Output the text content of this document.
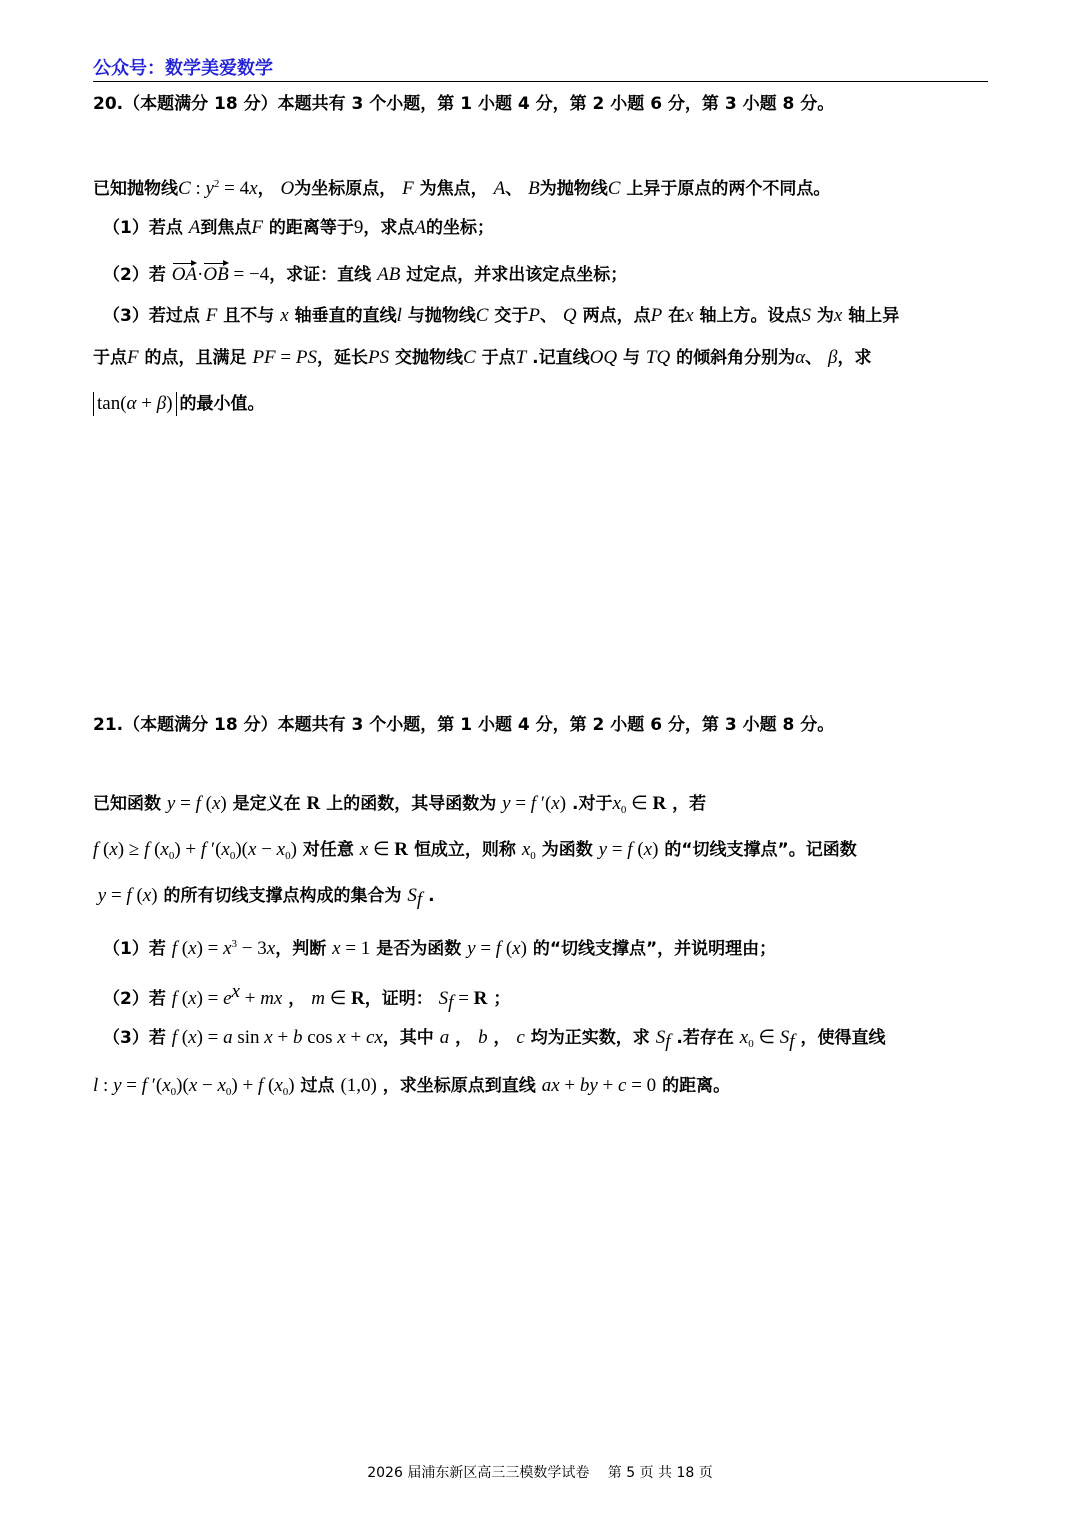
公众号：数学美爱数学
20.（本题满分 18 分）本题共有 3 个小题，第 1 小题 4 分，第 2 小题 6 分，第 3 小题 8 分。
已知抛物线C : $y^2 = 4x$， O为坐标原点， F 为焦点， A、 B为抛物线C 上异于原点的两个不同点。
（1）若点 A到焦点F 的距离等于9，求点A的坐标；
（2）若 OA·OB = −4，求证：直线 AB 过定点，并求出该定点坐标；
（3）若过点 F 且不与 x 轴垂直的直线l 与抛物线C 交于P、 Q 两点，点P 在x 轴上方。设点S 为x 轴上异
于点F 的点，且满足 PF = PS，延长PS 交抛物线C 于点T .记直线OQ 与 TQ 的倾斜角分别为α、 β，求
tan(α + β) 的最小值。
21.（本题满分 18 分）本题共有 3 个小题，第 1 小题 4 分，第 2 小题 6 分，第 3 小题 8 分。
已知函数 y = f (x) 是定义在 R 上的函数，其导函数为 y = f ′(x) .对于$x_0$ ∈ R ，若
f (x) ≥ f $(x_0) + f$ $'(x_0)(x - x_0)$ 对任意 x ∈ R 恒成立，则称 $x_0$ 为函数 y = f (x) 的“切线支撑点”。记函数
y = f (x) 的所有切线支撑点构成的集合为 $S_f$ .
（1）若 f $(x) = x^3 - 3x$，判断 x = 1 是否为函数 y = f (x) 的“切线支撑点”，并说明理由；
（2）若 f $(x) = e^x$ + mx ， m ∈ R，证明： $S_f = R$ ；
（3）若 f (x) = a sin x + b cos x + cx，其中 a ， b ， c 均为正实数，求 $S_f$ .若存在 $x_0$ ∈ $S_f$ ，使得直线
l : y = f $'(x_0)(x - x_0) + f$ $(x_0)$ 过点 (1,0) ，求坐标原点到直线 ax + by + c = 0 的距离。
2026 届浦东新区高三三模数学试卷　 第 5 页 共 18 页
